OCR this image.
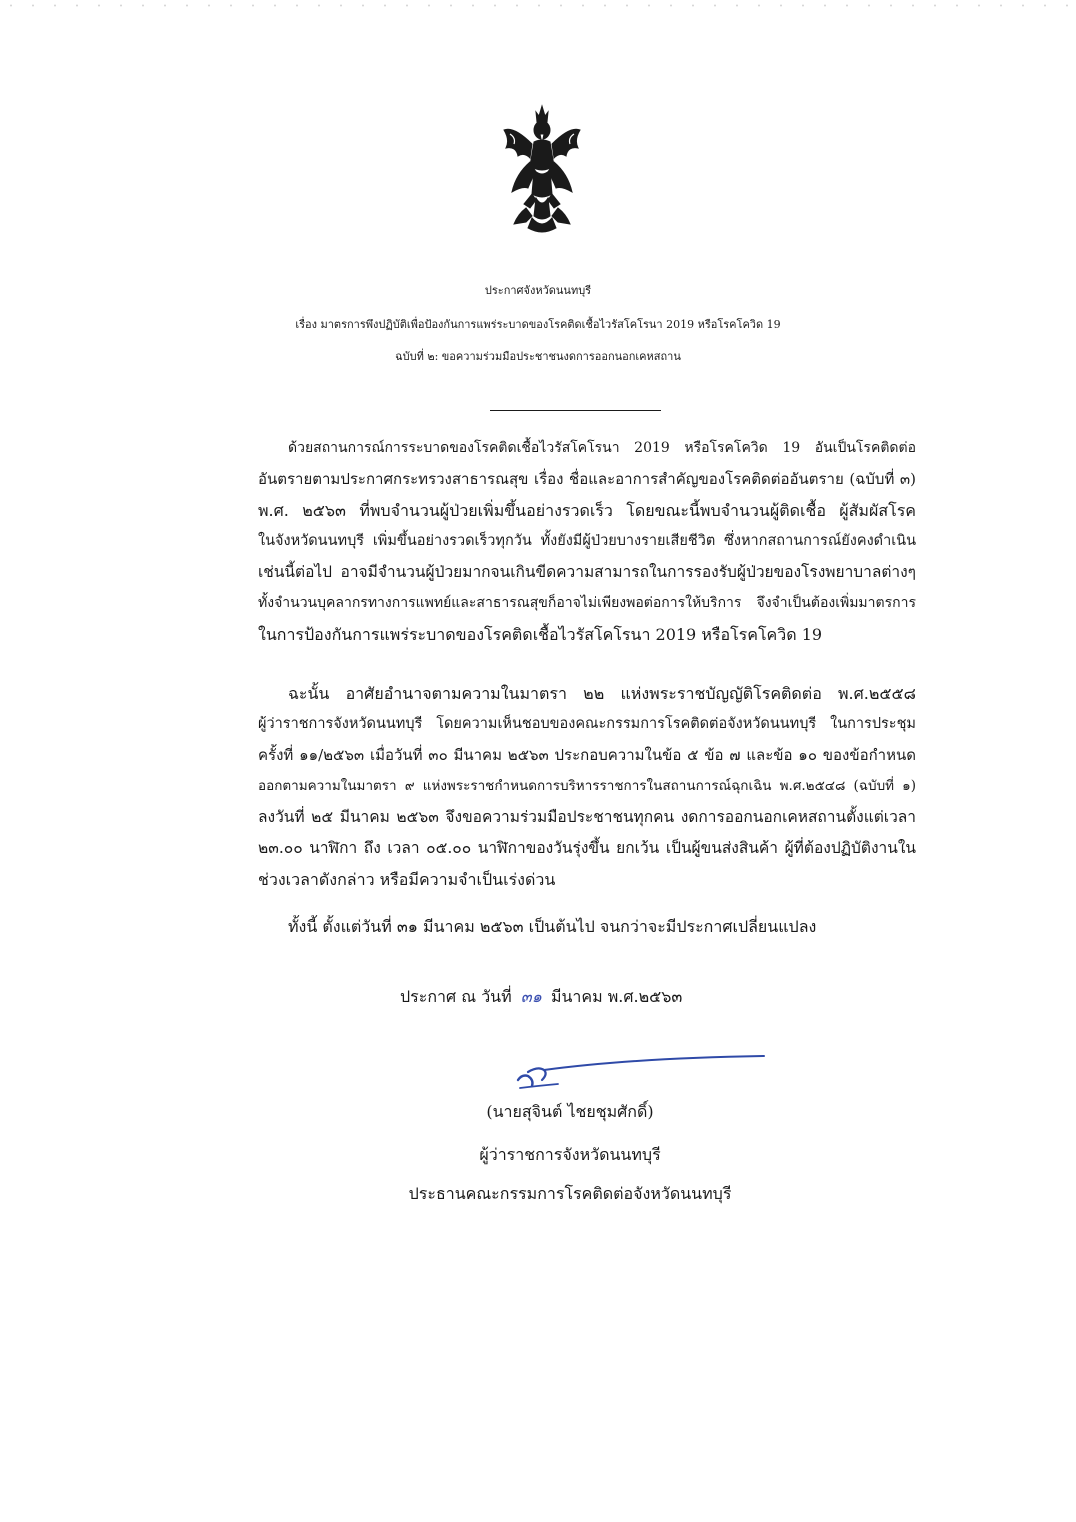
ประกาศจังหวัดนนทบุรี
เรื่อง มาตรการพึงปฏิบัติเพื่อป้องกันการแพร่ระบาดของโรคติดเชื้อไวรัสโคโรนา 2019 หรือโรคโควิด 19
ฉบับที่ ๒: ขอความร่วมมือประชาชนงดการออกนอกเคหสถาน
ด้วยสถานการณ์การระบาดของโรคติดเชื้อไวรัสโคโรนา 2019 หรือโรคโควิด 19 อันเป็นโรคติดต่อ
อันตรายตามประกาศกระทรวงสาธารณสุข เรื่อง ชื่อและอาการสำคัญของโรคติดต่ออันตราย (ฉบับที่ ๓)
พ.ศ. ๒๕๖๓ ที่พบจำนวนผู้ป่วยเพิ่มขึ้นอย่างรวดเร็ว โดยขณะนี้พบจำนวนผู้ติดเชื้อ ผู้สัมผัสโรค
ในจังหวัดนนทบุรี เพิ่มขึ้นอย่างรวดเร็วทุกวัน ทั้งยังมีผู้ป่วยบางรายเสียชีวิต ซึ่งหากสถานการณ์ยังคงดำเนิน
เช่นนี้ต่อไป อาจมีจำนวนผู้ป่วยมากจนเกินขีดความสามารถในการรองรับผู้ป่วยของโรงพยาบาลต่างๆ
ทั้งจำนวนบุคลากรทางการแพทย์และสาธารณสุขก็อาจไม่เพียงพอต่อการให้บริการ จึงจำเป็นต้องเพิ่มมาตรการ
ในการป้องกันการแพร่ระบาดของโรคติดเชื้อไวรัสโคโรนา 2019 หรือโรคโควิด 19
ฉะนั้น อาศัยอำนาจตามความในมาตรา ๒๒ แห่งพระราชบัญญัติโรคติดต่อ พ.ศ.๒๕๕๘
ผู้ว่าราชการจังหวัดนนทบุรี โดยความเห็นชอบของคณะกรรมการโรคติดต่อจังหวัดนนทบุรี ในการประชุม
ครั้งที่ ๑๑/๒๕๖๓ เมื่อวันที่ ๓๐ มีนาคม ๒๕๖๓ ประกอบความในข้อ ๕ ข้อ ๗ และข้อ ๑๐ ของข้อกำหนด
ออกตามความในมาตรา ๙ แห่งพระราชกำหนดการบริหารราชการในสถานการณ์ฉุกเฉิน พ.ศ.๒๕๔๘ (ฉบับที่ ๑)
ลงวันที่ ๒๕ มีนาคม ๒๕๖๓ จึงขอความร่วมมือประชาชนทุกคน งดการออกนอกเคหสถานตั้งแต่เวลา
๒๓.๐๐ นาฬิกา ถึง เวลา ๐๕.๐๐ นาฬิกาของวันรุ่งขึ้น ยกเว้น เป็นผู้ขนส่งสินค้า ผู้ที่ต้องปฏิบัติงานใน
ช่วงเวลาดังกล่าว หรือมีความจำเป็นเร่งด่วน
ทั้งนี้ ตั้งแต่วันที่ ๓๑ มีนาคม ๒๕๖๓ เป็นต้นไป จนกว่าจะมีประกาศเปลี่ยนแปลง
ประกาศ ณ วันที่ ๓๑ มีนาคม พ.ศ.๒๕๖๓
(นายสุจินต์ ไชยชุมศักดิ์)
ผู้ว่าราชการจังหวัดนนทบุรี
ประธานคณะกรรมการโรคติดต่อจังหวัดนนทบุรี
